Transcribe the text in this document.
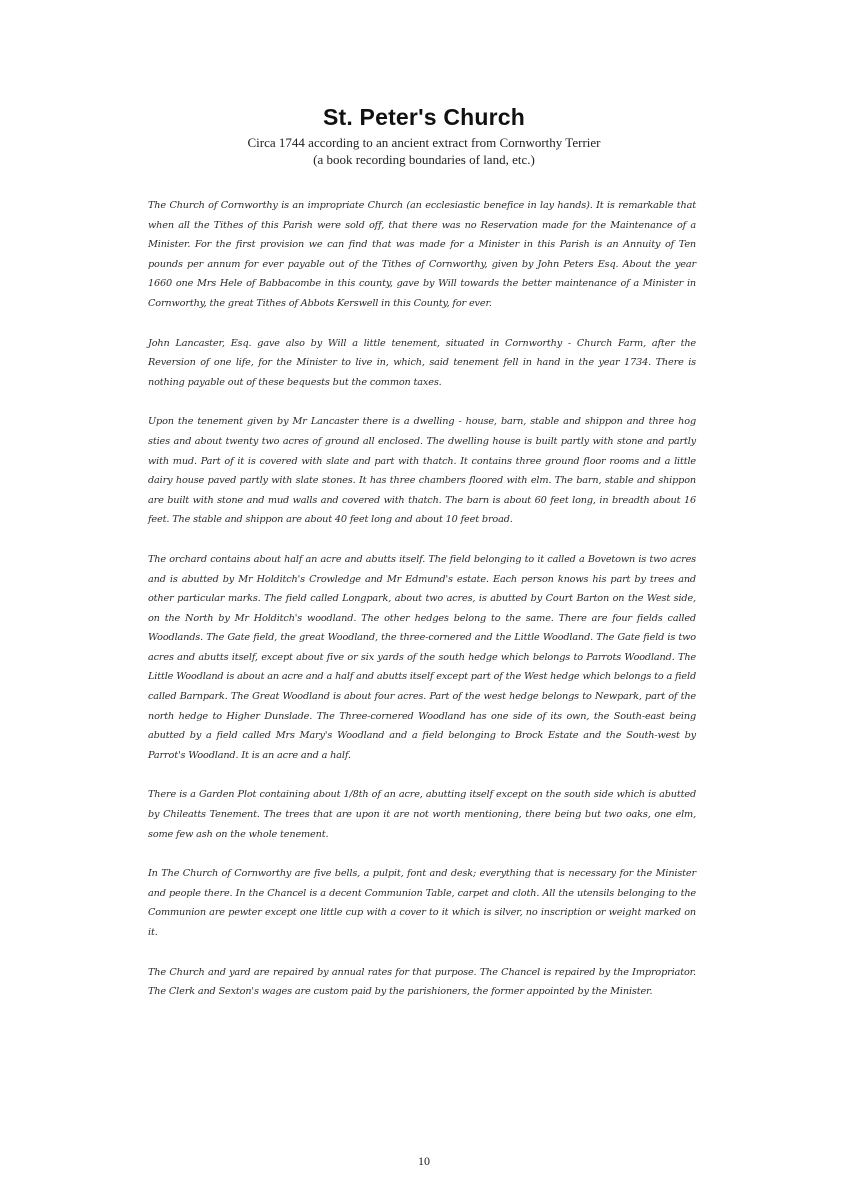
St. Peter's Church
Circa 1744 according to an ancient extract from Cornworthy Terrier
(a book recording boundaries of land, etc.)

The Church of Cornworthy is an impropriate Church (an ecclesiastic benefice in lay hands). It is remarkable that when all the Tithes of this Parish were sold off, that there was no Reservation made for the Maintenance of a Minister. For the first provision we can find that was made for a Minister in this Parish is an Annuity of Ten pounds per annum for ever payable out of the Tithes of Cornworthy, given by John Peters Esq. About the year 1660 one Mrs Hele of Babbacombe in this county, gave by Will towards the better maintenance of a Minister in Cornworthy, the great Tithes of Abbots Kerswell in this County, for ever.

John Lancaster, Esq. gave also by Will a little tenement, situated in Cornworthy - Church Farm, after the Reversion of one life, for the Minister to live in, which, said tenement fell in hand in the year 1734. There is nothing payable out of these bequests but the common taxes.

Upon the tenement given by Mr Lancaster there is a dwelling - house, barn, stable and shippon and three hog sties and about twenty two acres of ground all enclosed. The dwelling house is built partly with stone and partly with mud. Part of it is covered with slate and part with thatch. It contains three ground floor rooms and a little dairy house paved partly with slate stones. It has three chambers floored with elm. The barn, stable and shippon are built with stone and mud walls and covered with thatch. The barn is about 60 feet long, in breadth about 16 feet. The stable and shippon are about 40 feet long and about 10 feet broad.

The orchard contains about half an acre and abutts itself. The field belonging to it called a Bovetown is two acres and is abutted by Mr Holditch's Crowledge and Mr Edmund's estate. Each person knows his part by trees and other particular marks. The field called Longpark, about two acres, is abutted by Court Barton on the West side, on the North by Mr Holditch's woodland. The other hedges belong to the same. There are four fields called Woodlands. The Gate field, the great Woodland, the three-cornered and the Little Woodland. The Gate field is two acres and abutts itself, except about five or six yards of the south hedge which belongs to Parrots Woodland. The Little Woodland is about an acre and a half and abutts itself except part of the West hedge which belongs to a field called Barnpark. The Great Woodland is about four acres. Part of the west hedge belongs to Newpark, part of the north hedge to Higher Dunslade. The Three-cornered Woodland has one side of its own, the South-east being abutted by a field called Mrs Mary's Woodland and a field belonging to Brock Estate and the South-west by Parrot's Woodland. It is an acre and a half.

There is a Garden Plot containing about 1/8th of an acre, abutting itself except on the south side which is abutted by Chileatts Tenement. The trees that are upon it are not worth mentioning, there being but two oaks, one elm, some few ash on the whole tenement.

In The Church of Cornworthy are five bells, a pulpit, font and desk; everything that is necessary for the Minister and people there. In the Chancel is a decent Communion Table, carpet and cloth. All the utensils belonging to the Communion are pewter except one little cup with a cover to it which is silver, no inscription or weight marked on it.

The Church and yard are repaired by annual rates for that purpose. The Chancel is repaired by the Impropriator. The Clerk and Sexton's wages are custom paid by the parishioners, the former appointed by the Minister.

10
